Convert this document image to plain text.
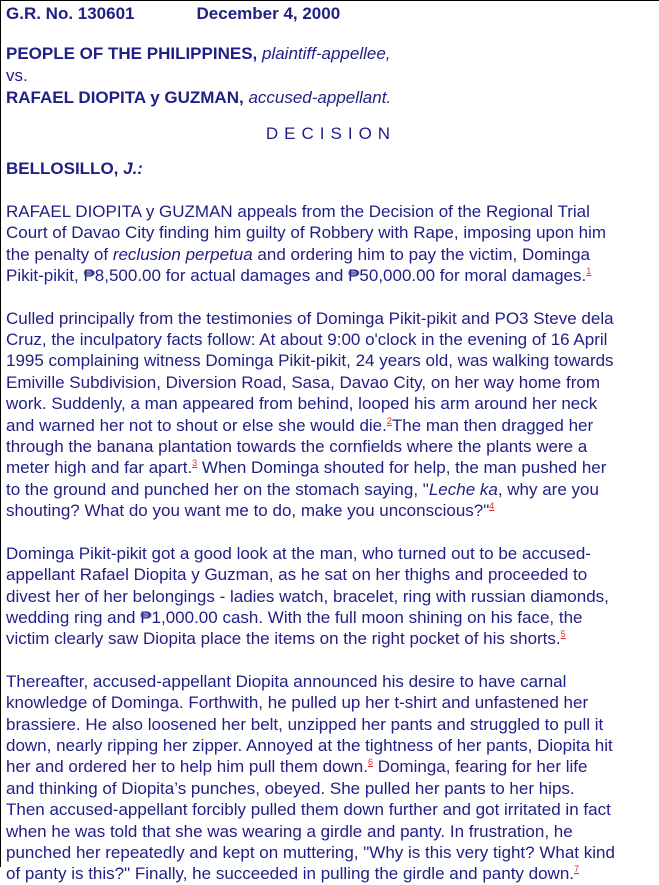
G.R. No. 130601	December 4, 2000
PEOPLE OF THE PHILIPPINES, plaintiff-appellee,
vs.
RAFAEL DIOPITA y GUZMAN, accused-appellant.
DECISION
BELLOSILLO, J.:

RAFAEL DIOPITA y GUZMAN appeals from the Decision of the Regional Trial
Court of Davao City finding him guilty of Robbery with Rape, imposing upon him
the penalty of reclusion perpetua and ordering him to pay the victim, Dominga
Pikit-pikit, ₱8,500.00 for actual damages and ₱50,000.00 for moral damages.$^1$

Culled principally from the testimonies of Dominga Pikit-pikit and PO3 Steve dela
Cruz, the inculpatory facts follow: At about 9:00 o'clock in the evening of 16 April
1995 complaining witness Dominga Pikit-pikit, 24 years old, was walking towards
Emiville Subdivision, Diversion Road, Sasa, Davao City, on her way home from
work. Suddenly, a man appeared from behind, looped his arm around her neck
and warned her not to shout or else she would die.$^2$The man then dragged her
through the banana plantation towards the cornfields where the plants were a
meter high and far apart.$^3$ When Dominga shouted for help, the man pushed her
to the ground and punched her on the stomach saying, "Leche ka, why are you
shouting? What do you want me to do, make you unconscious?"$^4$

Dominga Pikit-pikit got a good look at the man, who turned out to be accused-
appellant Rafael Diopita y Guzman, as he sat on her thighs and proceeded to
divest her of her belongings - ladies watch, bracelet, ring with russian diamonds,
wedding ring and ₱1,000.00 cash. With the full moon shining on his face, the
victim clearly saw Diopita place the items on the right pocket of his shorts.$^5$

Thereafter, accused-appellant Diopita announced his desire to have carnal
knowledge of Dominga. Forthwith, he pulled up her t-shirt and unfastened her
brassiere. He also loosened her belt, unzipped her pants and struggled to pull it
down, nearly ripping her zipper. Annoyed at the tightness of her pants, Diopita hit
her and ordered her to help him pull them down.$^6$ Dominga, fearing for her life
and thinking of Diopita’s punches, obeyed. She pulled her pants to her hips.
Then accused-appellant forcibly pulled them down further and got irritated in fact
when he was told that she was wearing a girdle and panty. In frustration, he
punched her repeatedly and kept on muttering, "Why is this very tight? What kind
of panty is this?" Finally, he succeeded in pulling the girdle and panty down.$^7$
